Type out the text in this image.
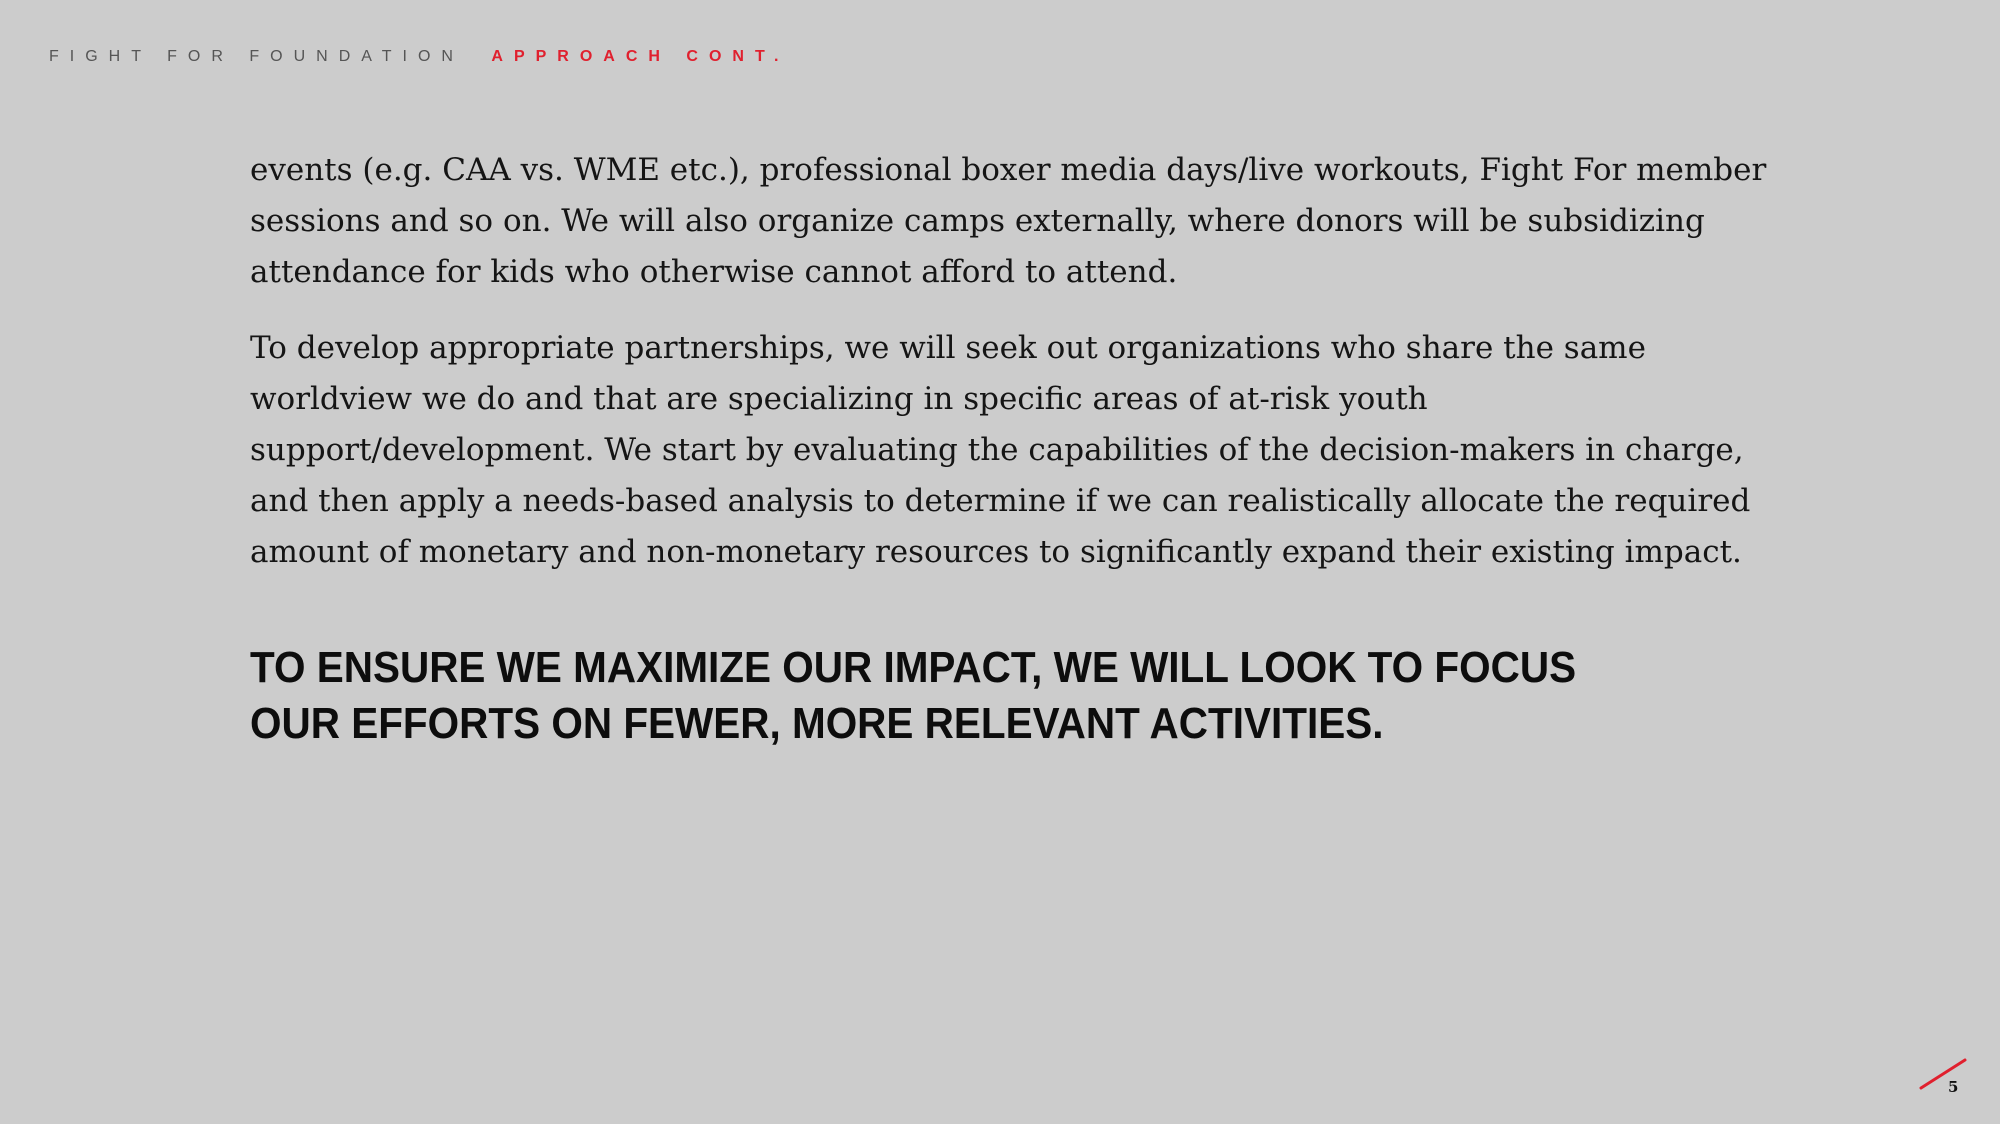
FIGHT FOR FOUNDATION APPROACH CONT.

events (e.g. CAA vs. WME etc.), professional boxer media days/live workouts, Fight For member sessions and so on. We will also organize camps externally, where donors will be subsidizing attendance for kids who otherwise cannot afford to attend.

To develop appropriate partnerships, we will seek out organizations who share the same worldview we do and that are specializing in specific areas of at-risk youth support/development. We start by evaluating the capabilities of the decision-makers in charge, and then apply a needs-based analysis to determine if we can realistically allocate the required amount of monetary and non-monetary resources to significantly expand their existing impact.

TO ENSURE WE MAXIMIZE OUR IMPACT, WE WILL LOOK TO FOCUS OUR EFFORTS ON FEWER, MORE RELEVANT ACTIVITIES.
5
